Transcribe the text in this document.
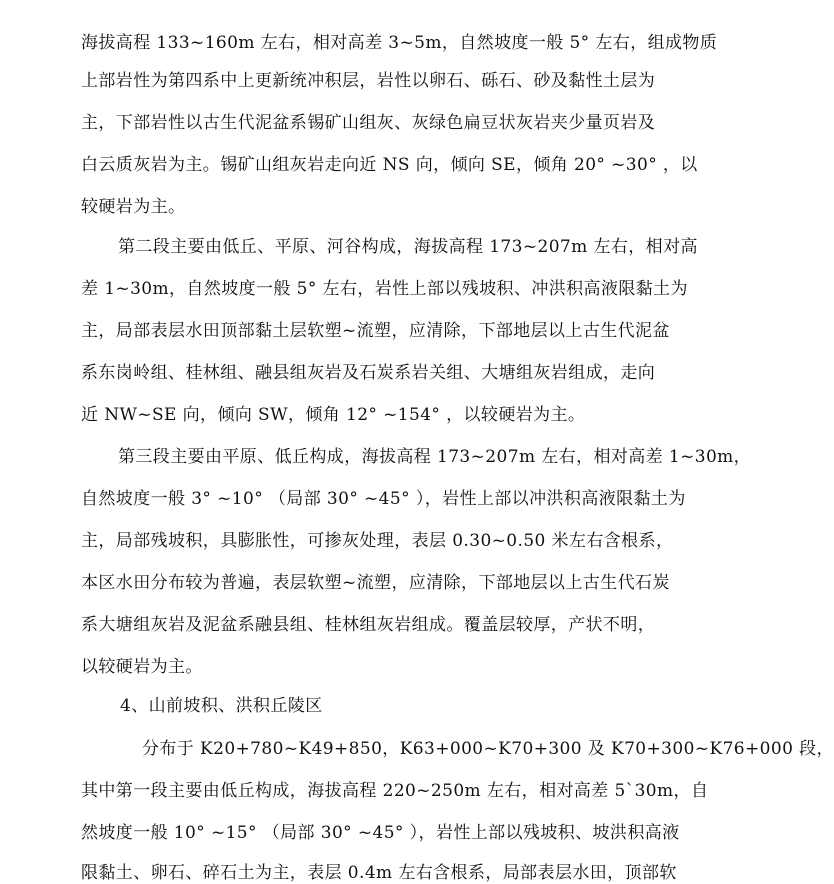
海拔高程 133~160m 左右，相对高差 3~5m，自然坡度一般 5° 左右，组成物质
上部岩性为第四系中上更新统冲积层，岩性以卵石、砾石、砂及黏性土层为
主，下部岩性以古生代泥盆系锡矿山组灰、灰绿色扁豆状灰岩夹少量页岩及
白云质灰岩为主。锡矿山组灰岩走向近 NS 向，倾向 SE，倾角 20° ~30° ，以
较硬岩为主。
第二段主要由低丘、平原、河谷构成，海拔高程 173~207m 左右，相对高
差 1~30m，自然坡度一般 5° 左右，岩性上部以残坡积、冲洪积高液限黏土为
主，局部表层水田顶部黏土层软塑~流塑，应清除，下部地层以上古生代泥盆
系东岗岭组、桂林组、融县组灰岩及石炭系岩关组、大塘组灰岩组成，走向
近 NW~SE 向，倾向 SW，倾角 12° ~154° ，以较硬岩为主。
第三段主要由平原、低丘构成，海拔高程 173~207m 左右，相对高差 1~30m，
自然坡度一般 3° ~10° （局部 30° ~45° ），岩性上部以冲洪积高液限黏土为
主，局部残坡积，具膨胀性，可掺灰处理，表层 0.30~0.50 米左右含根系，
本区水田分布较为普遍，表层软塑~流塑，应清除，下部地层以上古生代石炭
系大塘组灰岩及泥盆系融县组、桂林组灰岩组成。覆盖层较厚，产状不明，
以较硬岩为主。
4、山前坡积、洪积丘陵区
分布于 K20+780~K49+850，K63+000~K70+300 及 K70+300~K76+000 段，
其中第一段主要由低丘构成，海拔高程 220~250m 左右，相对高差 5`30m，自
然坡度一般 10° ~15° （局部 30° ~45° ），岩性上部以残坡积、坡洪积高液
限黏土、卵石、碎石土为主，表层 0.4m 左右含根系，局部表层水田，顶部软
